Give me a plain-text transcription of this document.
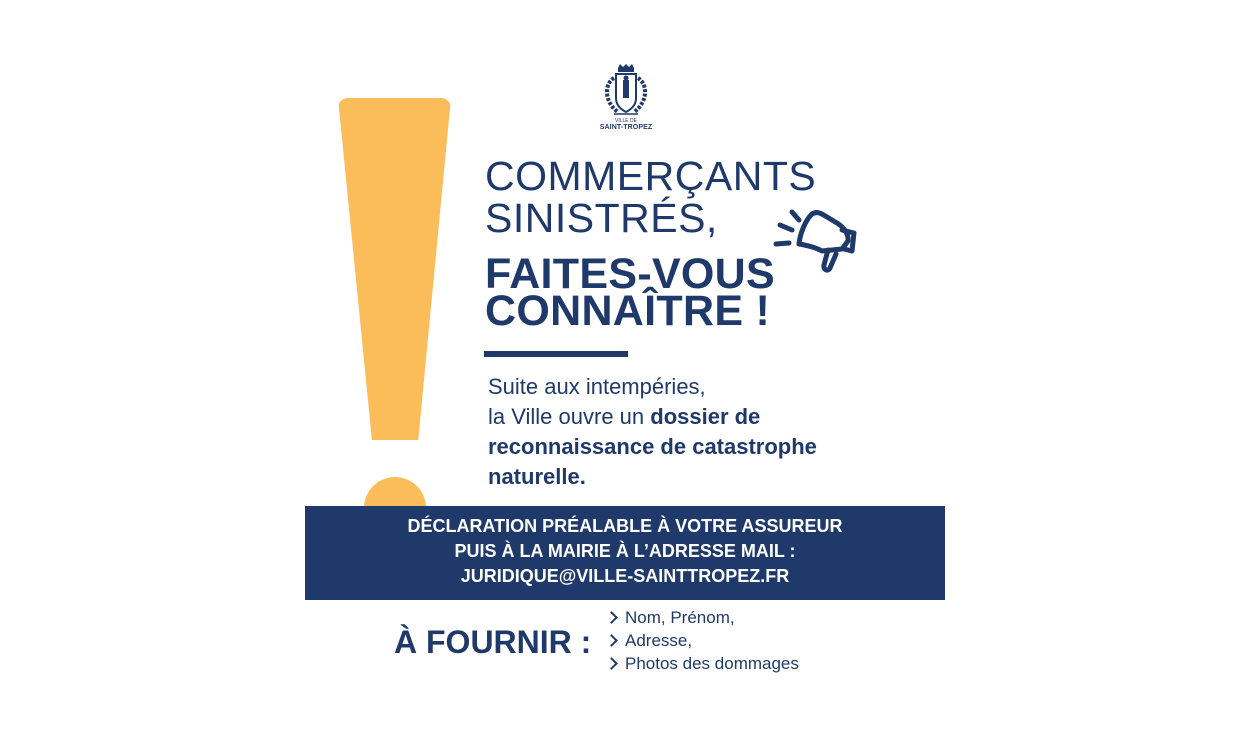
VILLE DE
SAINT-TROPEZ
COMMERÇANTS
SINISTRÉS,
FAITES-VOUS
CONNAÎTRE !
Suite aux intempéries,
la Ville ouvre un dossier de
reconnaissance de catastrophe
naturelle.
DÉCLARATION PRÉALABLE À VOTRE ASSUREUR
PUIS À LA MAIRIE À L’ADRESSE MAIL :
JURIDIQUE@VILLE-SAINTTROPEZ.FR
À FOURNIR :
Nom, Prénom,
Adresse,
Photos des dommages
